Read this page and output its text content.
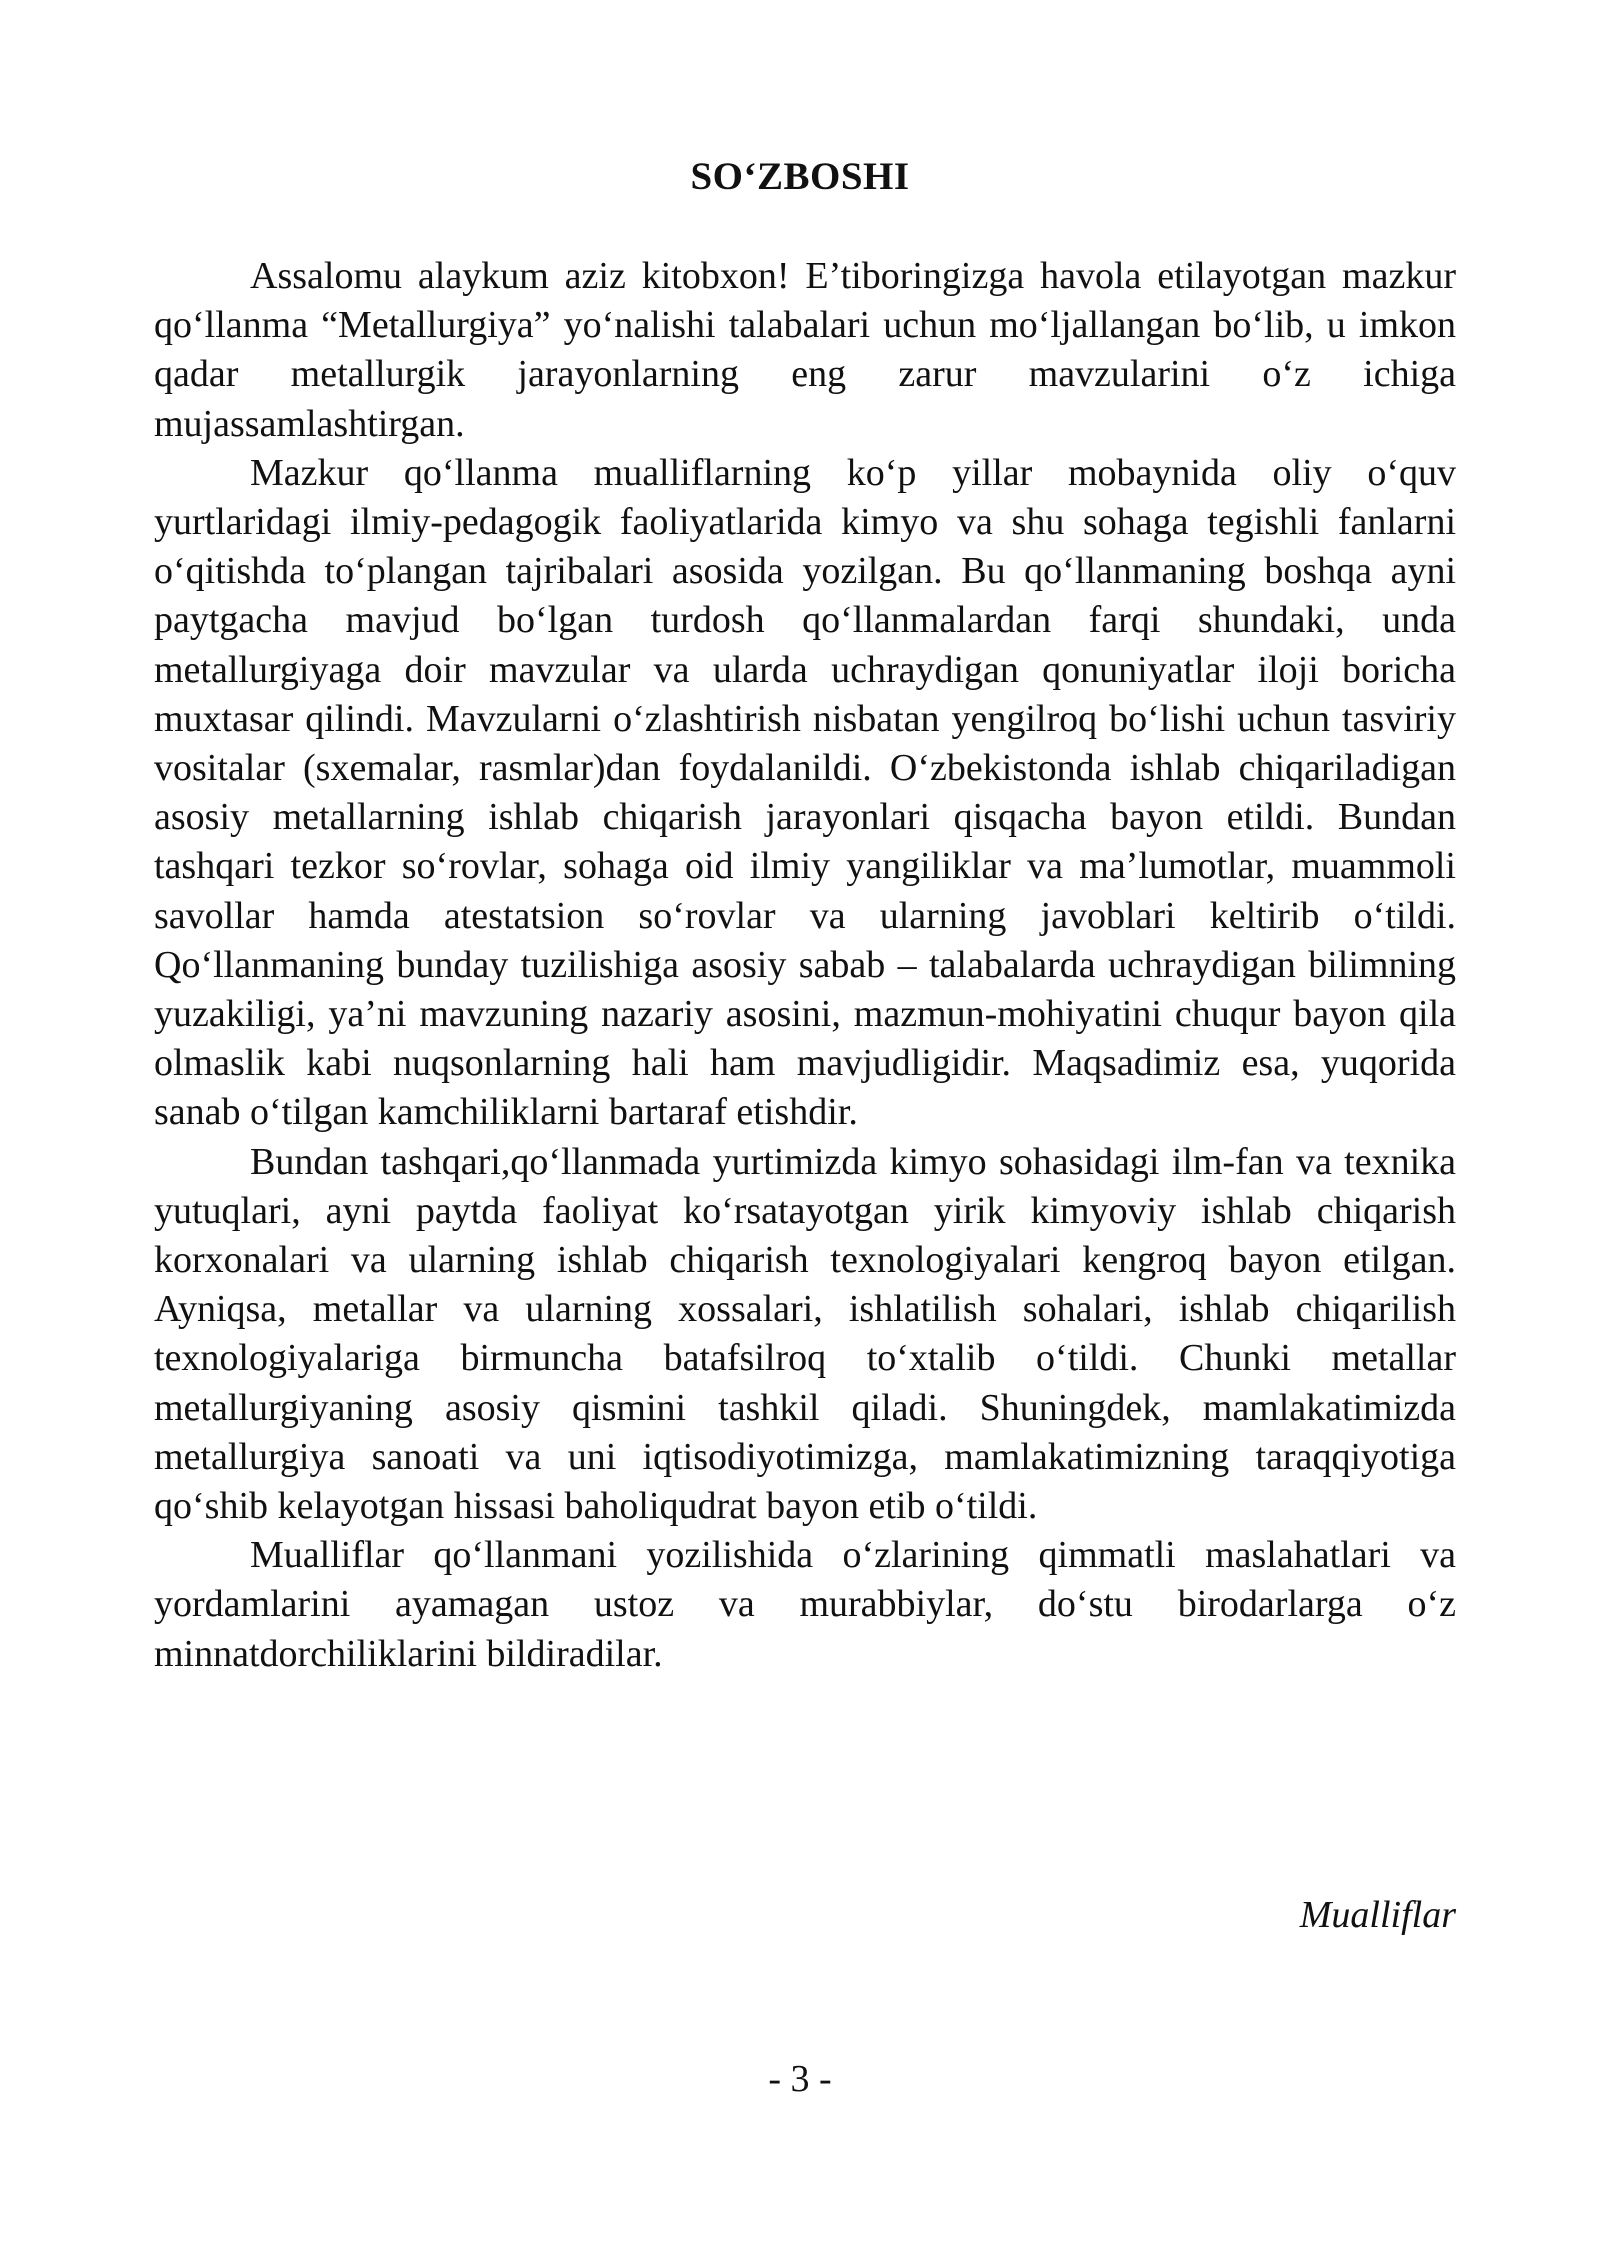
SO‘ZBOSHI

Assalomu alaykum aziz kitobxon! E’tiboringizga havola etilayotgan mazkur qo‘llanma “Metallurgiya” yo‘nalishi talabalari uchun mo‘ljallangan bo‘lib, u imkon qadar metallurgik jarayonlarning eng zarur mavzularini o‘z ichiga mujassamlashtirgan.

Mazkur qo‘llanma mualliflarning ko‘p yillar mobaynida oliy o‘quv yurtlaridagi ilmiy-pedagogik faoliyatlarida kimyo va shu sohaga tegishli fanlarni o‘qitishda to‘plangan tajribalari asosida yozilgan. Bu qo‘llanmaning boshqa ayni paytgacha mavjud bo‘lgan turdosh qo‘llanmalardan farqi shundaki, unda metallurgiyaga doir mavzular va ularda uchraydigan qonuniyatlar iloji boricha muxtasar qilindi. Mavzularni o‘zlashtirish nisbatan yengilroq bo‘lishi uchun tasviriy vositalar (sxemalar, rasmlar)dan foydalanildi. O‘zbekistonda ishlab chiqariladigan asosiy metallarning ishlab chiqarish jarayonlari qisqacha bayon etildi. Bundan tashqari tezkor so‘rovlar, sohaga oid ilmiy yangiliklar va ma’lumotlar, muammoli savollar hamda atestatsion so‘rovlar va ularning javoblari keltirib o‘tildi. Qo‘llanmaning bunday tuzilishiga asosiy sabab – talabalarda uchraydigan bilimning yuzakiligi, ya’ni mavzuning nazariy asosini, mazmun-mohiyatini chuqur bayon qila olmaslik kabi nuqsonlarning hali ham mavjudligidir. Maqsadimiz esa, yuqorida sanab o‘tilgan kamchiliklarni bartaraf etishdir.

Bundan tashqari,qo‘llanmada yurtimizda kimyo sohasidagi ilm-fan va texnika yutuqlari, ayni paytda faoliyat ko‘rsatayotgan yirik kimyoviy ishlab chiqarish korxonalari va ularning ishlab chiqarish texnologiyalari kengroq bayon etilgan. Ayniqsa, metallar va ularning xossalari, ishlatilish sohalari, ishlab chiqarilish texnologiyalariga birmuncha batafsilroq to‘xtalib o‘tildi. Chunki metallar metallurgiyaning asosiy qismini tashkil qiladi. Shuningdek, mamlakatimizda metallurgiya sanoati va uni iqtisodiyotimizga, mamlakatimizning taraqqiyotiga qo‘shib kelayotgan hissasi baholiqudrat bayon etib o‘tildi.

Mualliflar qo‘llanmani yozilishida o‘zlarining qimmatli maslahatlari va yordamlarini ayamagan ustoz va murabbiylar, do‘stu birodarlarga o‘z minnatdorchiliklarini bildiradilar.

Mualliflar
- 3 -
